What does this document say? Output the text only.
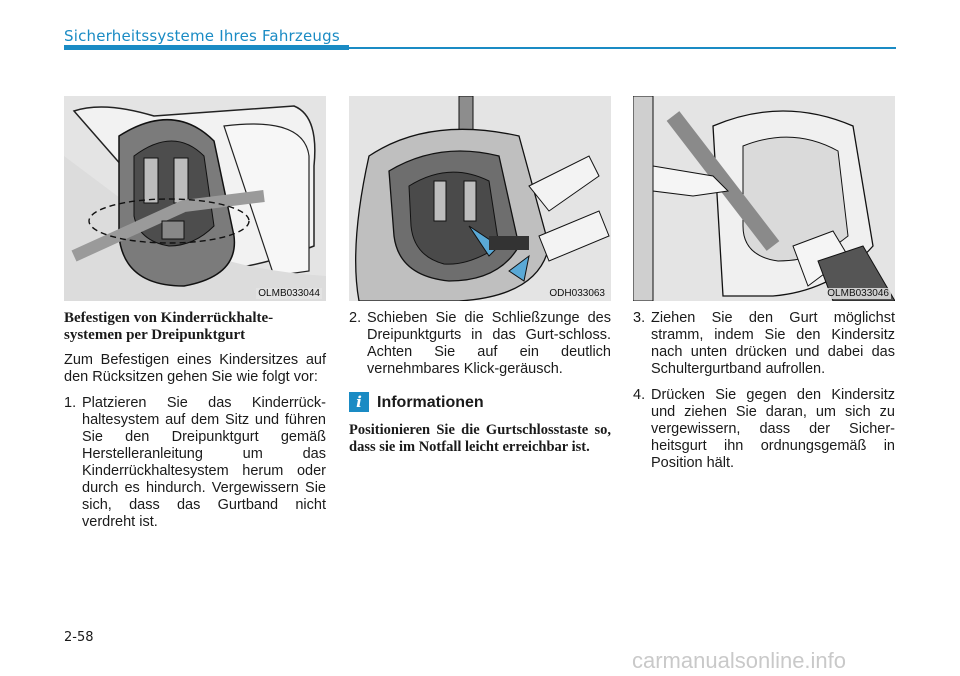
Sicherheitssysteme Ihres Fahrzeugs
OLMB033044	ODH033063	OLMB033046
Befestigen von Kinderrückhalte-systemen per Dreipunktgurt

Zum Befestigen eines Kindersitzes auf den Rücksitzen gehen Sie wie folgt vor:

1. Platzieren Sie das Kinderrück-haltesystem auf dem Sitz und führen Sie den Dreipunktgurt gemäß Herstelleranleitung um das Kinderrückhaltesystem herum oder durch es hindurch. Vergewissern Sie sich, dass das Gurtband nicht verdreht ist.
2. Schieben Sie die Schließzunge des Dreipunktgurts in das Gurt-schloss. Achten Sie auf ein deutlich vernehmbares Klick-geräusch.
i Informationen
Positionieren Sie die Gurtschlosstaste so, dass sie im Notfall leicht erreichbar ist.
3. Ziehen Sie den Gurt möglichst stramm, indem Sie den Kindersitz nach unten drücken und dabei das Schultergurtband aufrollen.
4. Drücken Sie gegen den Kindersitz und ziehen Sie daran, um sich zu vergewissern, dass der Sicher-heitsgurt ihn ordnungsgemäß in Position hält.
2-58
carmanualsonline.info
